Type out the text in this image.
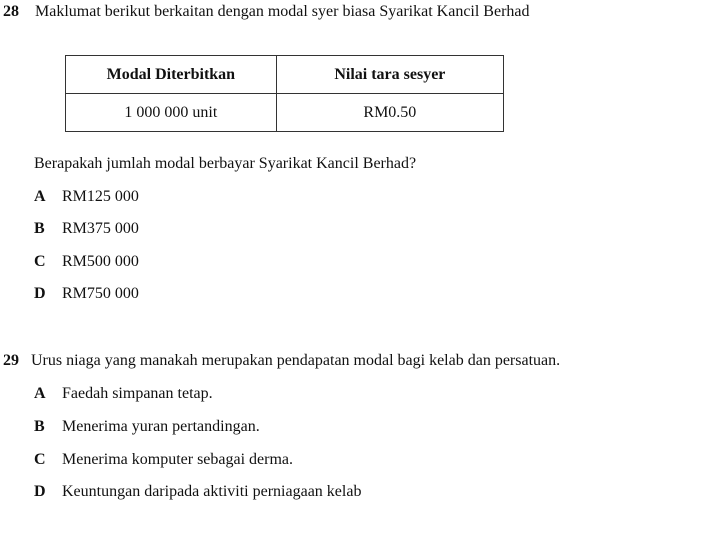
28 Maklumat berikut berkaitan dengan modal syer biasa Syarikat Kancil Berhad
Modal Diterbitkan	Nilai tara sesyer
1 000 000 unit	RM0.50
Berapakah jumlah modal berbayar Syarikat Kancil Berhad?
A RM125 000
B RM375 000
C RM500 000
D RM750 000
29 Urus niaga yang manakah merupakan pendapatan modal bagi kelab dan persatuan.
A Faedah simpanan tetap.
B Menerima yuran pertandingan.
C Menerima komputer sebagai derma.
D Keuntungan daripada aktiviti perniagaan kelab
